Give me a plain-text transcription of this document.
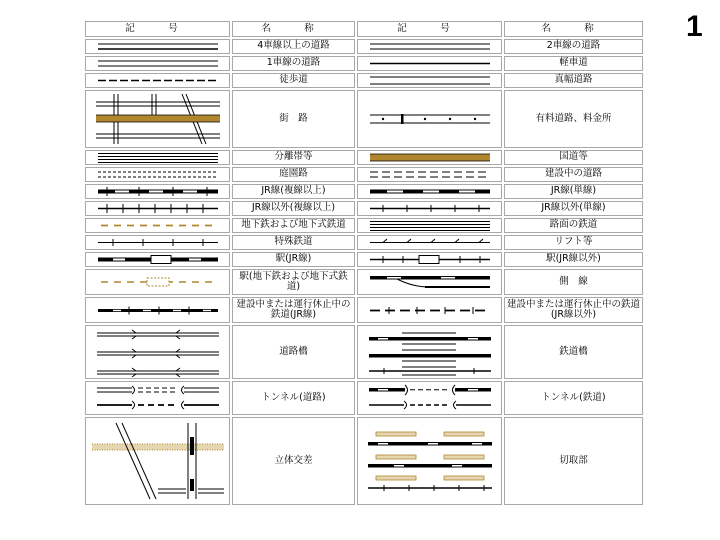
1
記　号	名　称	記　号	名　称

	4車線以上の道路		2車線の道路

	1車線の道路		軽車道

	徒歩道		真幅道路

	街　路		有料道路、料金所

	分離帯等		国道等

	庭園路		建設中の道路

	JR線(複線以上)		JR線(単線)

	JR線以外(複線以上)		JR線以外(単線)

	地下鉄および地下式鉄道		路面の鉄道

	特殊鉄道		リフト等

	駅(JR線)		駅(JR線以外)

	駅(地下鉄および地下式鉄道)		側　線

	建設中または運行休止中の鉄道(JR線)		建設中または運行休止中の鉄道(JR線以外)

	道路橋		鉄道橋

	トンネル(道路)		トンネル(鉄道)

	立体交差		切取部
